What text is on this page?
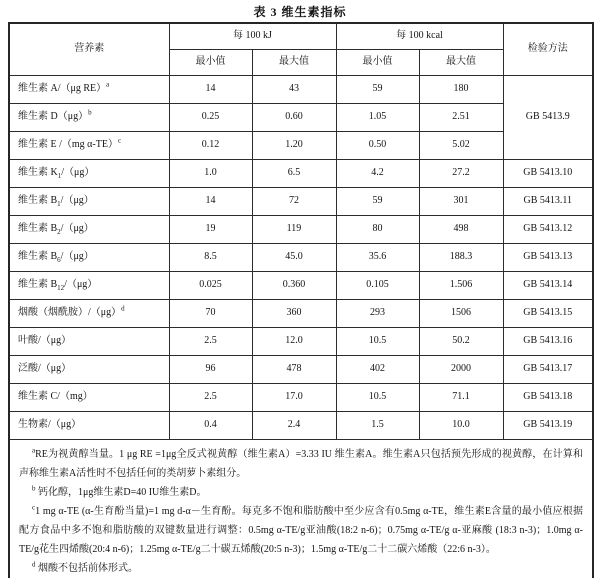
表 3 维生素指标
营养素	每 100 kJ		每 100 kcal		检验方法
	最小值	最大值	最小值	最大值	
维生素 A/（μg RE）$^a$	14	43	59	180	GB 5413.9
维生素 $D(\mu g)^b$	0.25	0.60	1.05	2.51	
维生素 E /（mg α-TE）$^c$	0.12	1.20	0.50	5.02	
维生素 $K_1/(\mu g)$	1.0	6.5	4.2	27.2	GB 5413.10
维生素 $B_1/(\mu g)$	14	72	59	301	GB 5413.11
维生素 $B_2/(\mu g)$	19	119	80	498	GB 5413.12
维生素 $B_6/(\mu g)$	8.5	45.0	35.6	188.3	GB 5413.13
维生素 $B_{12}/(\mu g)$	0.025	0.360	0.105	1.506	GB 5413.14
烟酸（烟酰胺）$/(\mu g)^d$	70	360	293	1506	GB 5413.15
叶酸/（μg）	2.5	12.0	10.5	50.2	GB 5413.16
泛酸/（μg）	96	478	402	2000	GB 5413.17
维生素 C/（mg）	2.5	17.0	10.5	71.1	GB 5413.18
生物素/（μg）	0.4	2.4	1.5	10.0	GB 5413.19

$^a$RE为视黄醇当量。1 μg RE =1μg全反式视黄醇（维生素A）=3.33 IU 维生素A。维生素A只包括预先形成的视黄醇，在计算和声称维生素A活性时不包括任何的类胡萝卜素组分。

$^b$ 钙化醇，1μg维生素D=40 IU维生素D。

$^c$1 mg α-TE (α-生育酚当量)=1 mg d-α－生育酚。每克多不饱和脂肪酸中至少应含有0.5mg α-TE，维生素E含量的最小值应根据配方食品中多不饱和脂肪酸的双键数量进行调整：0.5mg α-TE/g亚油酸(18:2 n-6)；0.75mg α-TE/g α-亚麻酸 (18:3 n-3)；1.0mg α-TE/g花生四烯酸(20:4 n-6)；1.25mg α-TE/g二十碳五烯酸(20:5 n-3)；1.5mg α-TE/g二十二碳六烯酸（22:6 n-3）。

$^d$ 烟酸不包括前体形式。					
